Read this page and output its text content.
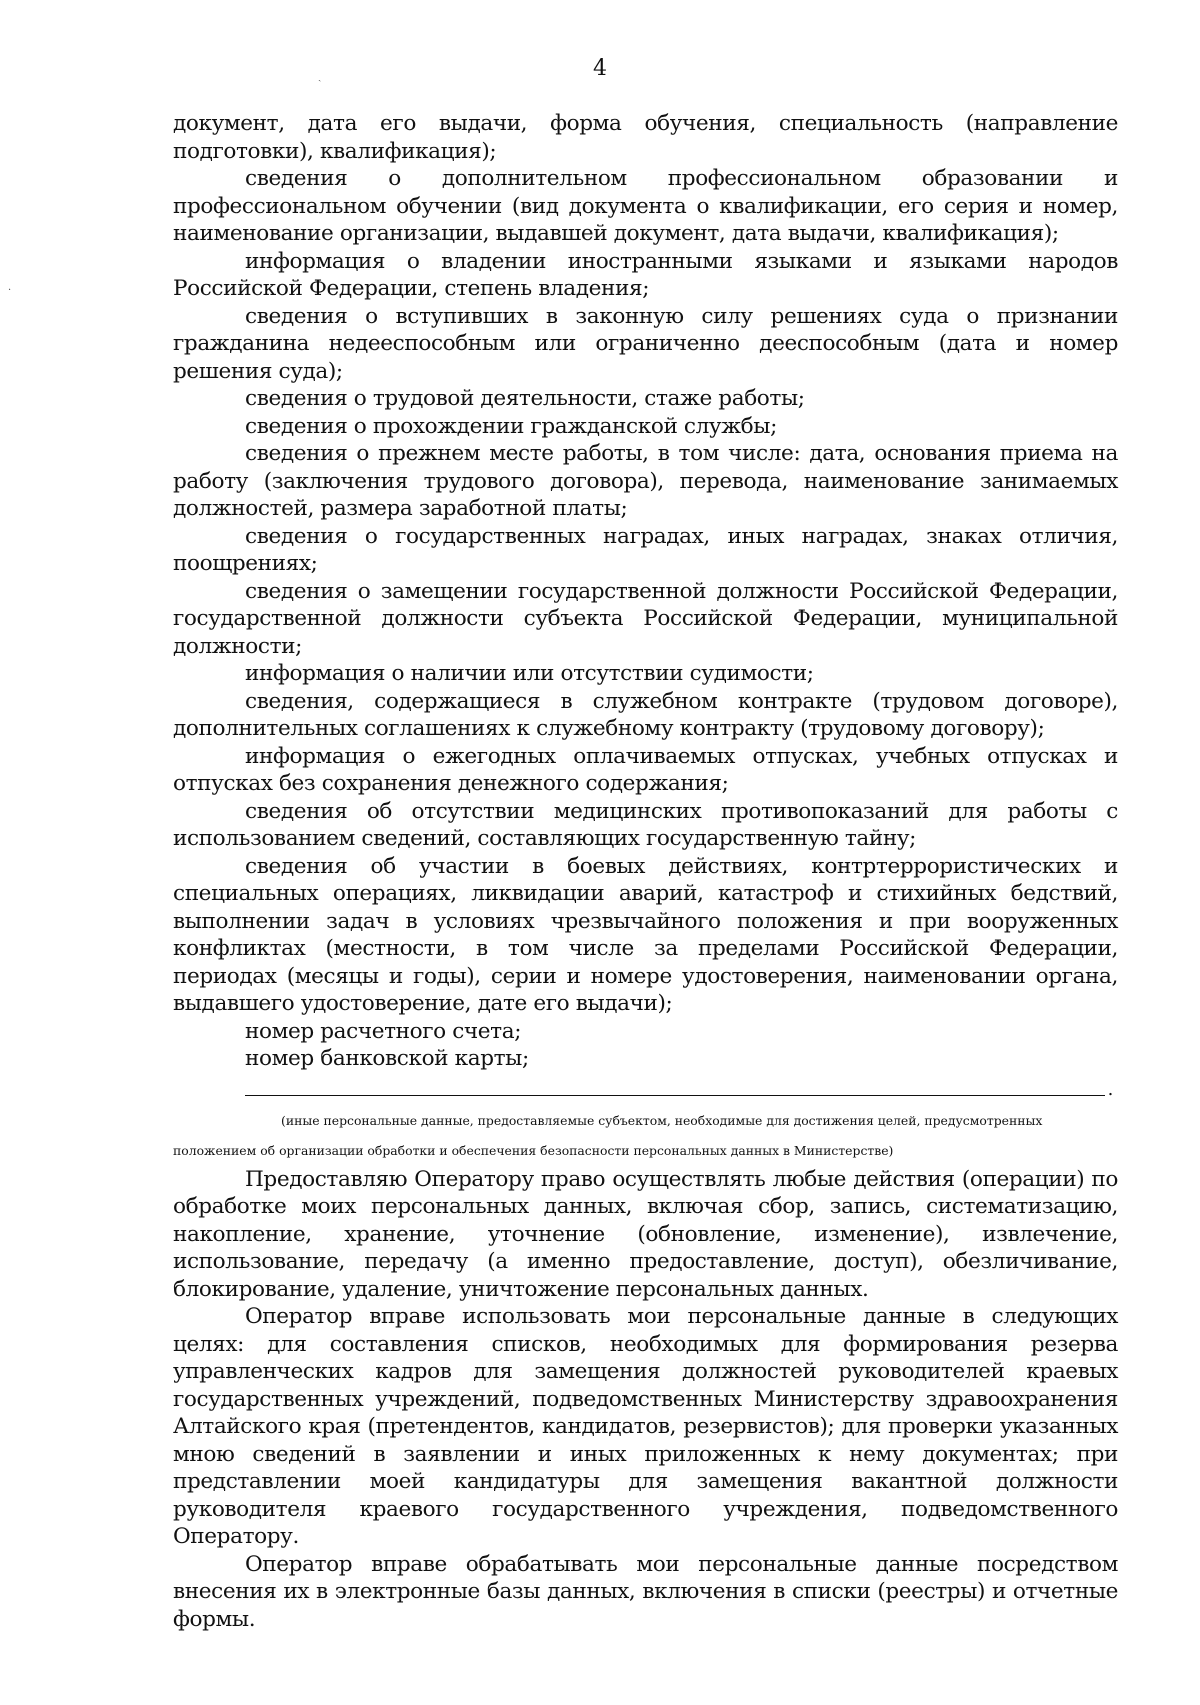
4
ˎ
·

документ, дата его выдачи, форма обучения, специальность (направление подготовки), квалификация);

сведения о дополнительном профессиональном образовании и профессиональном обучении (вид документа о квалификации, его серия и номер, наименование организации, выдавшей документ, дата выдачи, квалификация);

информация о владении иностранными языками и языками народов Российской Федерации, степень владения;

сведения о вступивших в законную силу решениях суда о признании гражданина недееспособным или ограниченно дееспособным (дата и номер решения суда);

сведения о трудовой деятельности, стаже работы;

сведения о прохождении гражданской службы;

сведения о прежнем месте работы, в том числе: дата, основания приема на работу (заключения трудового договора), перевода, наименование занимаемых должностей, размера заработной платы;

сведения о государственных наградах, иных наградах, знаках отличия, поощрениях;

сведения о замещении государственной должности Российской Федерации, государственной должности субъекта Российской Федерации, муниципальной должности;

информация о наличии или отсутствии судимости;

сведения, содержащиеся в служебном контракте (трудовом договоре), дополнительных соглашениях к служебному контракту (трудовому договору);

информация о ежегодных оплачиваемых отпусках, учебных отпусках и отпусках без сохранения денежного содержания;

сведения об отсутствии медицинских противопоказаний для работы с использованием сведений, составляющих государственную тайну;

сведения об участии в боевых действиях, контртеррористических и специальных операциях, ликвидации аварий, катастроф и стихийных бедствий, выполнении задач в условиях чрезвычайного положения и при вооруженных конфликтах (местности, в том числе за пределами Российской Федерации, периодах (месяцы и годы), серии и номере удостоверения, наименовании органа, выдавшего удостоверение, дате его выдачи);

номер расчетного счета;

номер банковской карты;

.
(иные персональные данные, предоставляемые субъектом, необходимые для достижения целей, предусмотренных
положением об организации обработки и обеспечения безопасности персональных данных в Министерстве)

Предоставляю Оператору право осуществлять любые действия (операции) по обработке моих персональных данных, включая сбор, запись, систематизацию, накопление, хранение, уточнение (обновление, изменение), извлечение, использование, передачу (а именно предоставление, доступ), обезличивание, блокирование, удаление, уничтожение персональных данных.

Оператор вправе использовать мои персональные данные в следующих целях: для составления списков, необходимых для формирования резерва управленческих кадров для замещения должностей руководителей краевых государственных учреждений, подведомственных Министерству здравоохранения Алтайского края (претендентов, кандидатов, резервистов); для проверки указанных мною сведений в заявлении и иных приложенных к нему документах; при представлении моей кандидатуры для замещения вакантной должности руководителя краевого государственного учреждения, подведомственного Оператору.

Оператор вправе обрабатывать мои персональные данные посредством внесения их в электронные базы данных, включения в списки (реестры) и отчетные формы.
